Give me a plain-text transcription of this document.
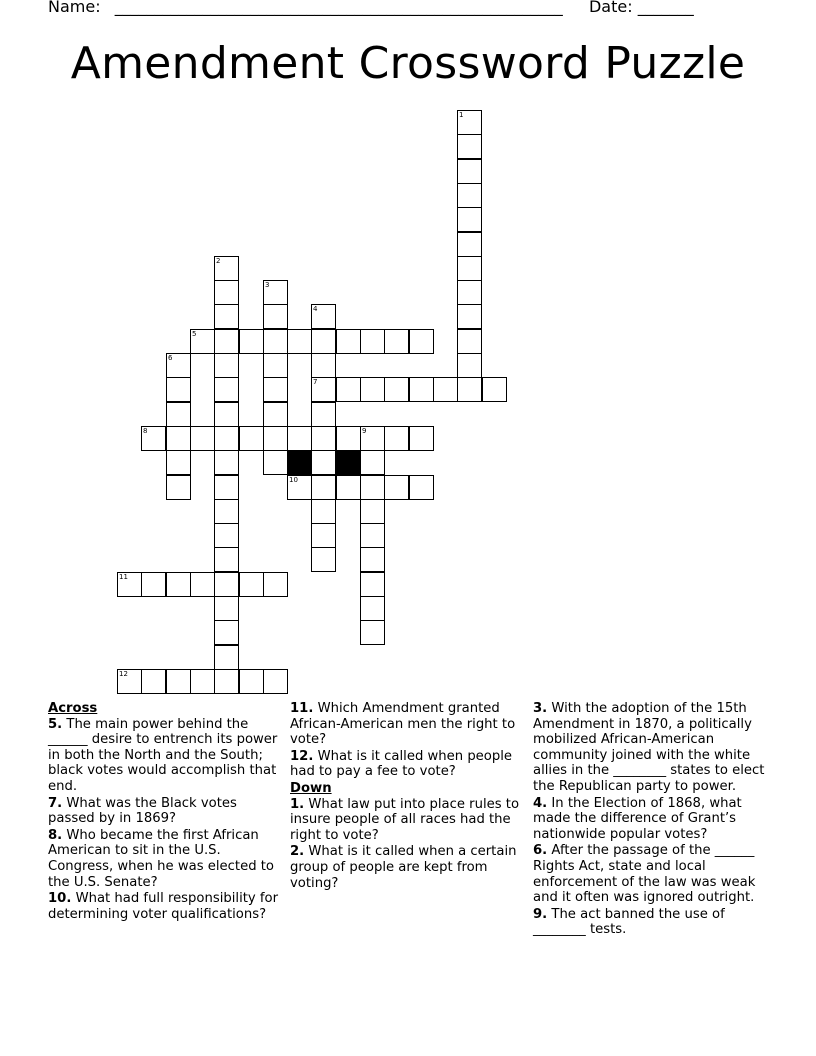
Name: ________________________________________________________ Date: _______
Amendment Crossword Puzzle
1
2
3
4
7
5
6
8	9
10
11
12
Across
5. The main power behind the ______ desire to entrench its power in both the North and the South; black votes would accomplish that end.
7. What was the Black votes passed by in 1869?
8. Who became the first African American to sit in the U.S. Congress, when he was elected to the U.S. Senate?
10. What had full responsibility for determining voter qualifications?
11. Which Amendment granted African-American men the right to vote?
12. What is it called when people had to pay a fee to vote?
Down
1. What law put into place rules to insure people of all races had the right to vote?
2. What is it called when a certain group of people are kept from voting?
3. With the adoption of the 15th Amendment in 1870, a politically mobilized African-American community joined with the white allies in the ________ states to elect the Republican party to power.
4. In the Election of 1868, what made the difference of Grant’s nationwide popular votes?
6. After the passage of the ______ Rights Act, state and local enforcement of the law was weak and it often was ignored outright.
9. The act banned the use of ________ tests.
